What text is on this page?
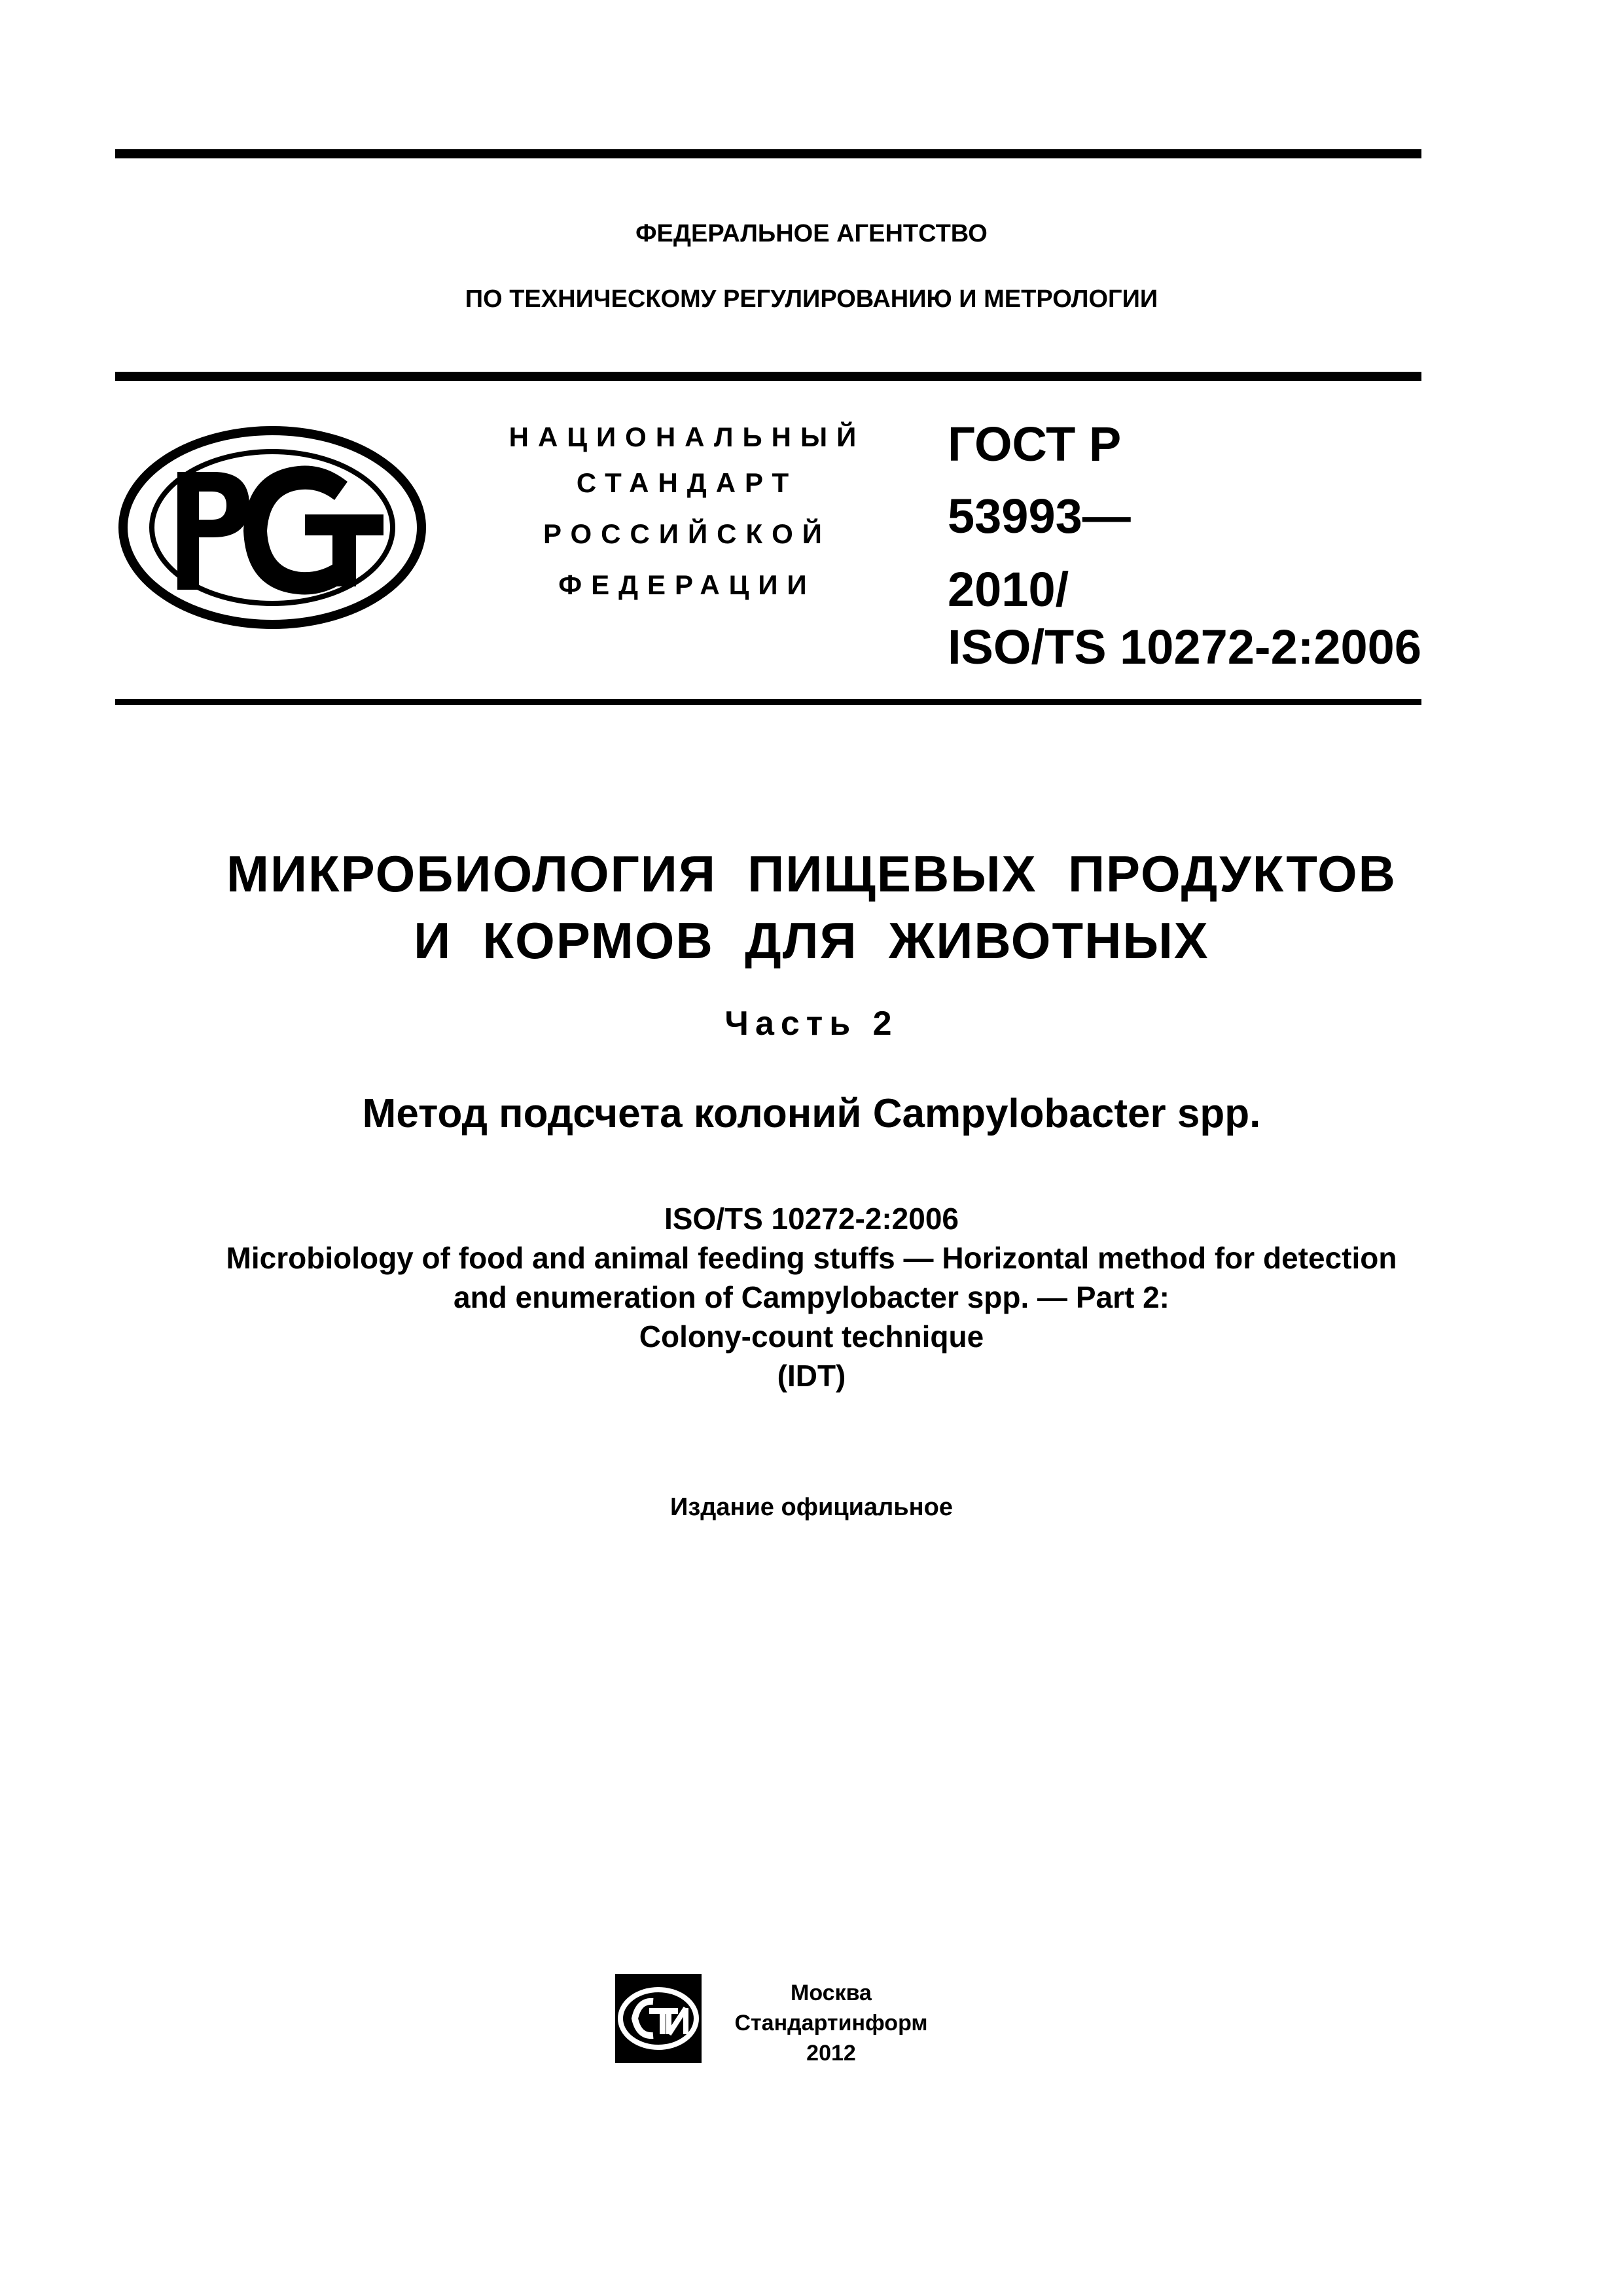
ФЕДЕРАЛЬНОЕ АГЕНТСТВО
ПО ТЕХНИЧЕСКОМУ РЕГУЛИРОВАНИЮ И МЕТРОЛОГИИ
НАЦИОНАЛЬНЫЙ
СТАНДАРТ
РОССИЙСКОЙ
ФЕДЕРАЦИИ
ГОСТ Р
53993—
2010/
ISO/TS 10272-2:2006
МИКРОБИОЛОГИЯ  ПИЩЕВЫХ  ПРОДУКТОВ
И  КОРМОВ  ДЛЯ  ЖИВОТНЫХ
Часть 2
Метод подсчета колоний Campylobacter spp.
ISO/TS 10272-2:2006
Microbiology of food and animal feeding stuffs — Horizontal method for detection
and enumeration of Campylobacter spp. — Part 2:
Colony-count technique
(IDT)
Издание официальное
Москва
Стандартинформ
2012
